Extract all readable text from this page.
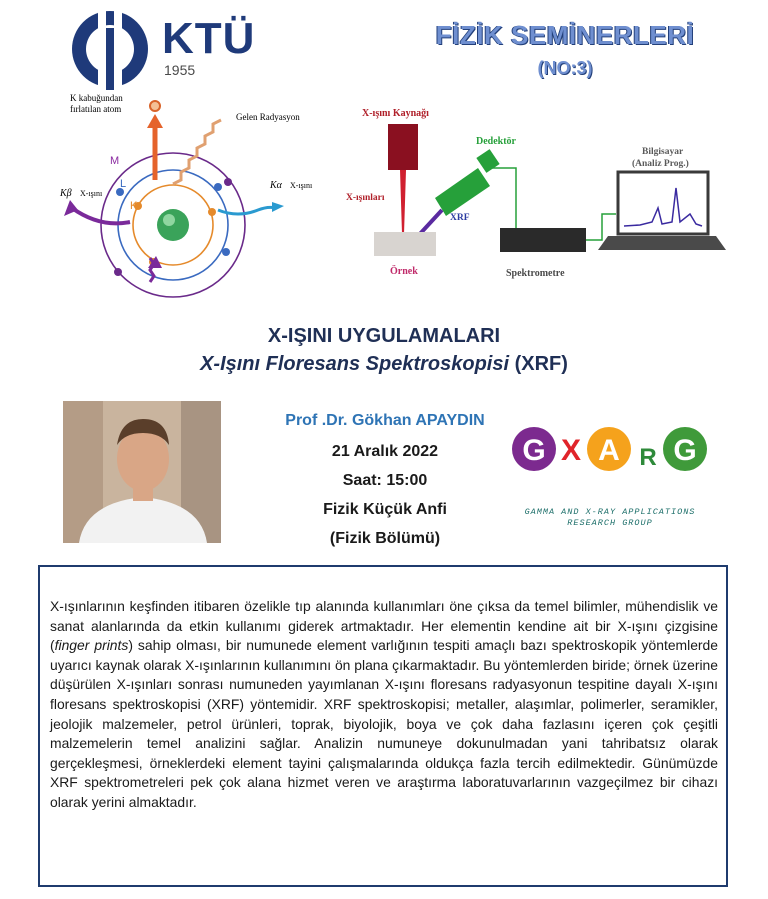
KTÜ
1955
FİZİK SEMİNERLERİ
(NO:3)
K kabuğundan
fırlatılan atom
Gelen Radyasyon
M
L
K
Kα X-ışını
Kβ X-ışını
X-ışını Kaynağı
X-ışınları
Dedektör
XRF
Örnek	Spektrometre
Bilgisayar
(Analiz Prog.)
X-IŞINI UYGULAMALARI
X-Işını Floresans Spektroskopisi (XRF)
Prof .Dr. Gökhan APAYDIN
21 Aralık 2022
Saat: 15:00
Fizik Küçük Anfi
(Fizik Bölümü)
G X A R G
GAMMA AND X-RAY APPLICATIONS
RESEARCH GROUP
X-ışınlarının keşfinden itibaren özelikle tıp alanında kullanımları öne çıksa da temel bilimler, mühendislik ve sanat alanlarında da etkin kullanımı giderek artmaktadır. Her elementin kendine ait bir X-ışını çizgisine (finger prints) sahip olması, bir numunede element varlığının tespiti amaçlı bazı spektroskopik yöntemlerde uyarıcı kaynak olarak X-ışınlarının kullanımını ön plana çıkarmaktadır. Bu yöntemlerden biride; örnek üzerine düşürülen X-ışınları sonrası numuneden yayımlanan X-ışını floresans radyasyonun tespitine dayalı X-ışını floresans spektroskopisi (XRF) yöntemidir. XRF spektroskopisi; metaller, alaşımlar, polimerler, seramikler, jeolojik malzemeler, petrol ürünleri, toprak, biyolojik, boya ve çok daha fazlasını içeren çok çeşitli malzemelerin temel analizini sağlar. Analizin numuneye dokunulmadan yani tahribatsız olarak gerçekleşmesi, örneklerdeki element tayini çalışmalarında oldukça fazla tercih edilmektedir. Günümüzde XRF spektrometreleri pek çok alana hizmet veren ve araştırma laboratuvarlarının vazgeçilmez bir cihazı olarak yerini almaktadır.
